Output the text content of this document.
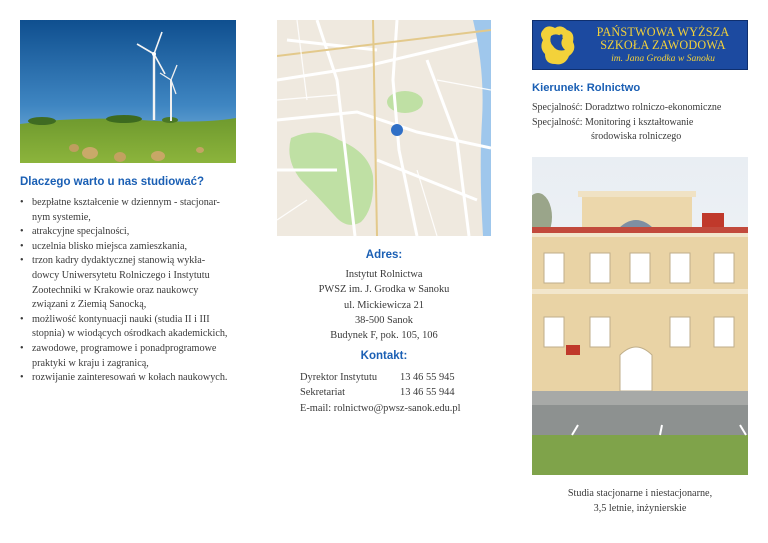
Dlaczego warto u nas studiować?
• bezpłatne kształcenie w dziennym - stacjonar-
nym systemie,
• atrakcyjne specjalności,
• uczelnia blisko miejsca zamieszkania,
• trzon kadry dydaktycznej stanowią wykła-
dowcy Uniwersytetu Rolniczego i Instytutu
Zootechniki w Krakowie oraz naukowcy
związani z Ziemią Sanocką,
• możliwość kontynuacji nauki (studia II i III
stopnia) w wiodących ośrodkach akademickich,
• zawodowe, programowe i ponadprogramowe
praktyki w kraju i zagranicą,
• rozwijanie zainteresowań w kołach naukowych.
Adres:
Instytut Rolnictwa
PWSZ im. J. Grodka w Sanoku
ul. Mickiewicza 21
38-500 Sanok
Budynek F, pok. 105, 106
Kontakt:
Dyrektor Instytutu	13 46 55 945
Sekretariat	13 46 55 944
E-mail: rolnictwo@pwsz-sanok.edu.pl
PAŃSTWOWA WYŻSZA
SZKOŁA ZAWODOWA
im. Jana Grodka w Sanoku
Kierunek: Rolnictwo
Specjalność: Doradztwo rolniczo-ekonomiczne
Specjalność: Monitoring i kształtowanie
środowiska rolniczego
Studia stacjonarne i niestacjonarne,
3,5 letnie, inżynierskie
